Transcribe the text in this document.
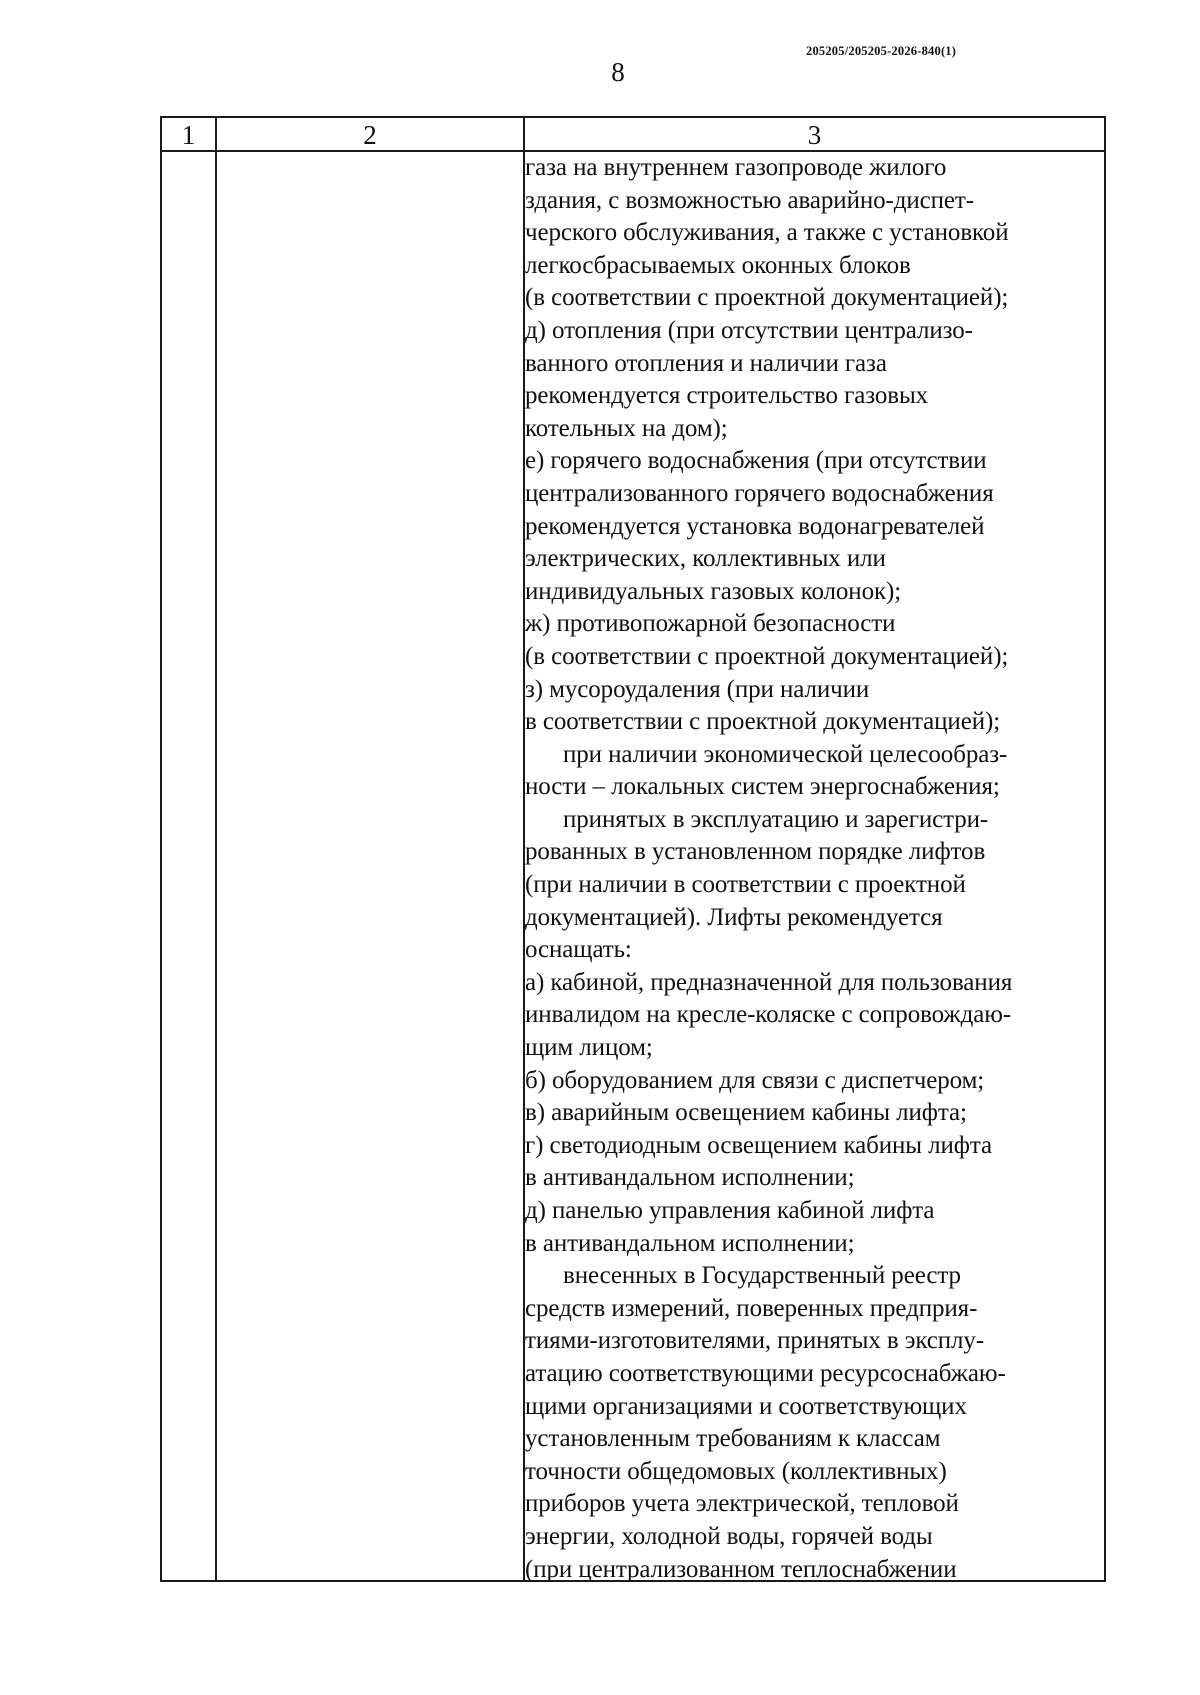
8
205205/205205-2026-840(1)
1	2	3
газа на внутреннем газопроводе жилого
здания, с возможностью аварийно-диспет-
черского обслуживания, а также с установкой
легкосбрасываемых оконных блоков
(в соответствии с проектной документацией);
д) отопления (при отсутствии централизо-
ванного отопления и наличии газа
рекомендуется строительство газовых
котельных на дом);
е) горячего водоснабжения (при отсутствии
централизованного горячего водоснабжения
рекомендуется установка водонагревателей
электрических, коллективных или
индивидуальных газовых колонок);
ж) противопожарной безопасности
(в соответствии с проектной документацией);
з) мусороудаления (при наличии
в соответствии с проектной документацией);
при наличии экономической целесообраз-
ности – локальных систем энергоснабжения;
принятых в эксплуатацию и зарегистри-
рованных в установленном порядке лифтов
(при наличии в соответствии с проектной
документацией). Лифты рекомендуется
оснащать:
а) кабиной, предназначенной для пользования
инвалидом на кресле-коляске с сопровождаю-
щим лицом;
б) оборудованием для связи с диспетчером;
в) аварийным освещением кабины лифта;
г) светодиодным освещением кабины лифта
в антивандальном исполнении;
д) панелью управления кабиной лифта
в антивандальном исполнении;
внесенных в Государственный реестр
средств измерений, поверенных предприя-
тиями-изготовителями, принятых в эксплу-
атацию соответствующими ресурсоснабжаю-
щими организациями и соответствующих
установленным требованиям к классам
точности общедомовых (коллективных)
приборов учета электрической, тепловой
энергии, холодной воды, горячей воды
(при централизованном теплоснабжении
